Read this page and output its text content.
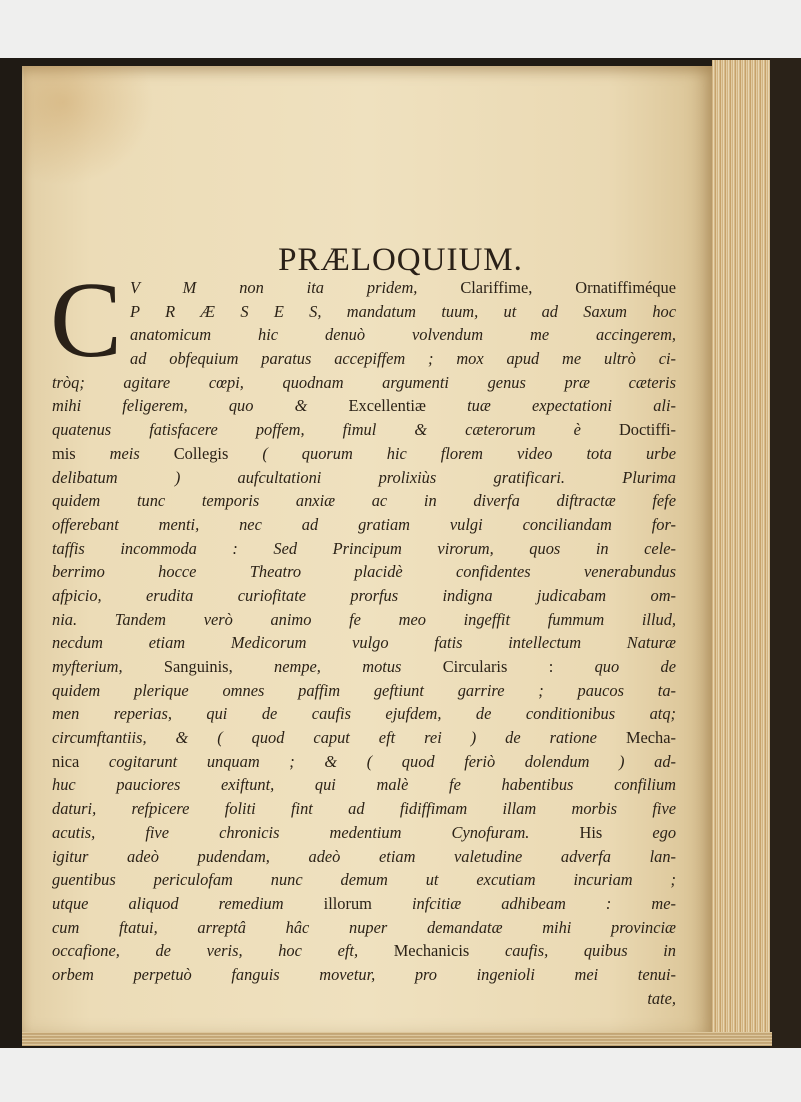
PRÆLOQUIUM.
C V M non ita pridem, Clariffime, Ornatiffiméque
P R Æ S E S, mandatum tuum, ut ad Saxum hoc
anatomicum hic denuò volvendum me accingerem,
ad obfequium paratus accepiffem ; mox apud me ultrò ci-
tròq; agitare cœpi, quodnam argumenti genus præ cæteris
mihi feligerem, quo & Excellentiæ tuæ expectationi ali-
quatenus fatisfacere poffem, fimul & cæterorum è Doctiffi-
mis meis Collegis ( quorum hic florem video tota urbe
delibatum ) aufcultationi prolixiùs gratificari. Plurima
quidem tunc temporis anxiæ ac in diverfa diftractæ fefe
offerebant menti, nec ad gratiam vulgi conciliandam for-
taffis incommoda : Sed Principum virorum, quos in cele-
berrimo hocce Theatro placidè confidentes venerabundus
afpicio, erudita curiofitate prorfus indigna judicabam om-
nia. Tandem verò animo fe meo ingeffit fummum illud,
necdum etiam Medicorum vulgo fatis intellectum Naturæ
myfterium, Sanguinis, nempe, motus Circularis : quo de
quidem plerique omnes paffim geftiunt garrire ; paucos ta-
men reperias, qui de caufis ejufdem, de conditionibus atq;
circumftantiis, & ( quod caput eft rei ) de ratione Mecha-
nica cogitarunt unquam ; & ( quod feriò dolendum ) ad-
huc pauciores exiftunt, qui malè fe habentibus confilium
daturi, refpicere foliti fint ad fidiffimam illam morbis five
acutis, five chronicis medentium Cynofuram. His ego
igitur adeò pudendam, adeò etiam valetudine adverfa lan-
guentibus periculofam nunc demum ut excutiam incuriam ;
utque aliquod remedium illorum infcitiæ adhibeam : me-
cum ftatui, arreptâ hâc nuper demandatæ mihi provinciæ
occafione, de veris, hoc eft, Mechanicis caufis, quibus in
orbem perpetuò fanguis movetur, pro ingenioli mei tenui-
tate,
